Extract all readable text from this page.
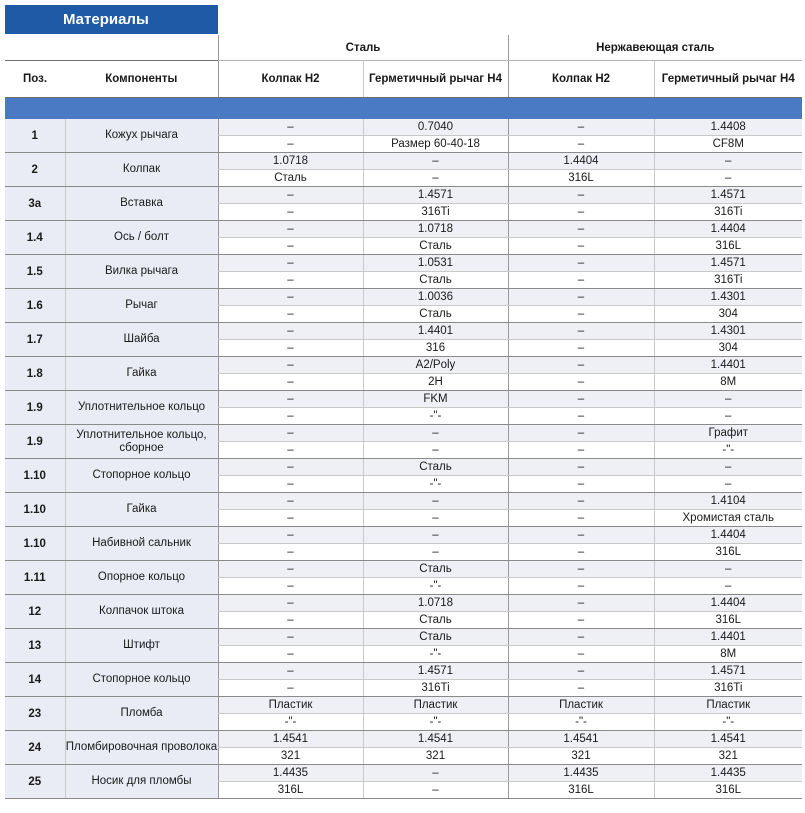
Материалы
		Сталь		Нержавеющая сталь	
Поз.	Компоненты	Колпак H2	Герметичный рычаг H4	Колпак H2	Герметичный рычаг H4

1	Кожух рычага	–	0.7040	–	1.4408
		–	Размер 60-40-18	–	CF8M
2	Колпак	1.0718	–	1.4404	–
		Сталь	–	316L	–
3a	Вставка	–	1.4571	–	1.4571
		–	316Ti	–	316Ti
1.4	Ось / болт	–	1.0718	–	1.4404
		–	Сталь	–	316L
1.5	Вилка рычага	–	1.0531	–	1.4571
		–	Сталь	–	316Ti
1.6	Рычаг	–	1.0036	–	1.4301
		–	Сталь	–	304
1.7	Шайба	–	1.4401	–	1.4301
		–	316	–	304
1.8	Гайка	–	A2/Poly	–	1.4401
		–	2H	–	8M
1.9	Уплотнительное кольцо	–	FKM	–	–
		–	-"-	–	–
1.9	Уплотнительное кольцо, сборное	–	–	–	Графит
		–	–	–	-"-
1.10	Стопорное кольцо	–	Сталь	–	–
		–	-"-	–	–
1.10	Гайка	–	–	–	1.4104
		–	–	–	Хромистая сталь
1.10	Набивной сальник	–	–	–	1.4404
		–	–	–	316L
1.11	Опорное кольцо	–	Сталь	–	–
		–	-"-	–	–
12	Колпачок штока	–	1.0718	–	1.4404
		–	Сталь	–	316L
13	Штифт	–	Сталь	–	1.4401
		–	-"-	–	8M
14	Стопорное кольцо	–	1.4571	–	1.4571
		–	316Ti	–	316Ti
23	Пломба	Пластик	Пластик	Пластик	Пластик
		-"-	-"-	-"-	-"-
24	Пломбировочная проволока	1.4541	1.4541	1.4541	1.4541
		321	321	321	321
25	Носик для пломбы	1.4435	–	1.4435	1.4435
		316L	–	316L	316L
